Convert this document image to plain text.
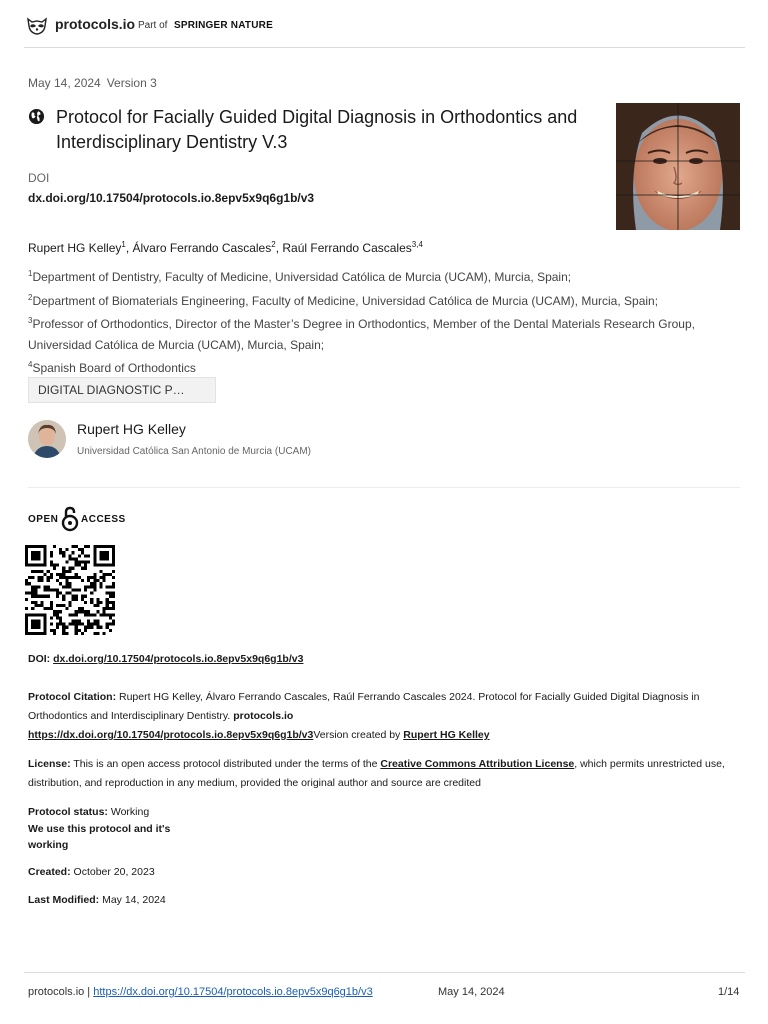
protocols.io Part of SPRINGER NATURE
May 14, 2024 Version 3
Protocol for Facially Guided Digital Diagnosis in Orthodontics and Interdisciplinary Dentistry V.3
DOI
dx.doi.org/10.17504/protocols.io.8epv5x9q6g1b/v3
Rupert HG Kelley$^1$, Álvaro Ferrando Cascales$^2$, Raúl Ferrando Cascales$^{3,4}$
$^1$Department of Dentistry, Faculty of Medicine, Universidad Católica de Murcia (UCAM), Murcia, Spain;
$^2$Department of Biomaterials Engineering, Faculty of Medicine, Universidad Católica de Murcia (UCAM), Murcia, Spain;
$^3$Professor of Orthodontics, Director of the Master’s Degree in Orthodontics, Member of the Dental Materials Research Group, Universidad Católica de Murcia (UCAM), Murcia, Spain;
$^4$Spanish Board of Orthodontics
DIGITAL DIAGNOSTIC P…
Rupert HG Kelley
Universidad Católica San Antonio de Murcia (UCAM)
OPEN ACCESS
DOI: dx.doi.org/10.17504/protocols.io.8epv5x9q6g1b/v3
Protocol Citation: Rupert HG Kelley, Álvaro Ferrando Cascales, Raúl Ferrando Cascales 2024. Protocol for Facially Guided Digital Diagnosis in Orthodontics and Interdisciplinary Dentistry. protocols.io
https://dx.doi.org/10.17504/protocols.io.8epv5x9q6g1b/v3Version created by Rupert HG Kelley
License: This is an open access protocol distributed under the terms of the Creative Commons Attribution License, which permits unrestricted use, distribution, and reproduction in any medium, provided the original author and source are credited
Protocol status: Working
We use this protocol and it's
working
Created: October 20, 2023
Last Modified: May 14, 2024
protocols.io | https://dx.doi.org/10.17504/protocols.io.8epv5x9q6g1b/v3	May 14, 2024	1/14
